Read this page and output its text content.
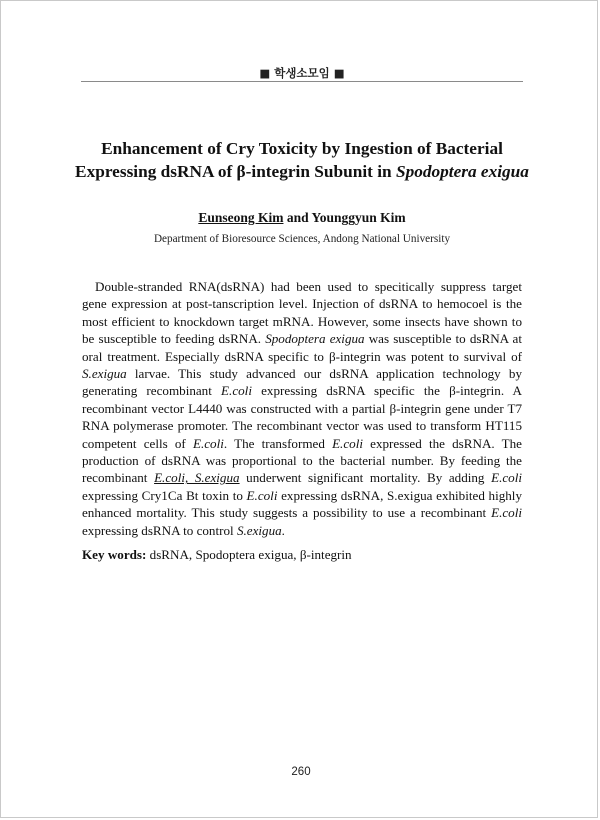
■ 학생소모임 ■
Enhancement of Cry Toxicity by Ingestion of Bacterial
Expressing dsRNA of β-integrin Subunit in Spodoptera exigua
Eunseong Kim and Younggyun Kim
Department of Bioresource Sciences, Andong National University

Double-stranded RNA(dsRNA) had been used to specitically suppress target gene expression at post-tanscription level. Injection of dsRNA to hemocoel is the most efficient to knockdown target mRNA. However, some insects have shown to be susceptible to feeding dsRNA. Spodoptera exigua was susceptible to dsRNA at oral treatment. Especially dsRNA specific to β-integrin was potent to survival of S.exigua larvae. This study advanced our dsRNA application technology by generating recombinant E.coli expressing dsRNA specific the β-integrin. A recombinant vector L4440 was constructed with a partial β-integrin gene under T7 RNA polymerase promoter. The recombinant vector was used to transform HT115 competent cells of E.coli. The transformed E.coli expressed the dsRNA. The production of dsRNA was proportional to the bacterial number. By feeding the recombinant E.coli, S.exigua underwent significant mortality. By adding E.coli expressing Cry1Ca Bt toxin to E.coli expressing dsRNA, S.exigua exhibited highly enhanced mortality. This study suggests a possibility to use a recombinant E.coli expressing dsRNA to control S.exigua.

Key words: dsRNA, Spodoptera exigua, β-integrin
260
